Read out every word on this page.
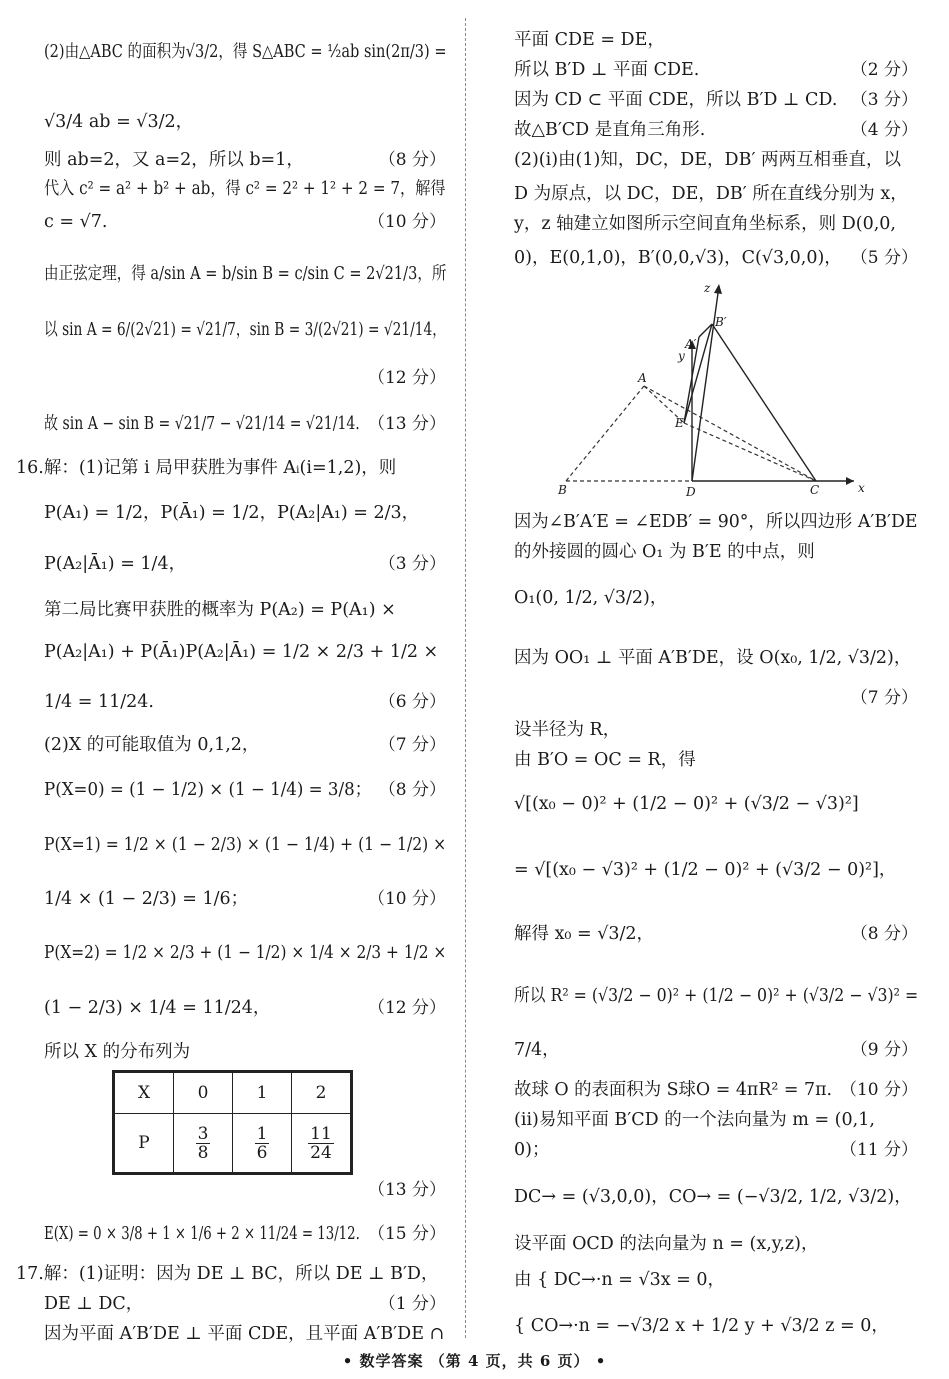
(2)由△ABC 的面积为√3/2，得 S△ABC = ½ab sin(2π/3) =
√3/4 ab = √3/2，
则 ab=2，又 a=2，所以 b=1，	（8 分）
代入 c² = a² + b² + ab，得 c² = 2² + 1² + 2 = 7，解得
c = √7.	（10 分）
由正弦定理，得 a/sin A = b/sin B = c/sin C = 2√21/3，所
以 sin A = 6/(2√21) = √21/7，sin B = 3/(2√21) = √21/14，
（12 分）
故 sin A − sin B = √21/7 − √21/14 = √21/14. （13 分）
16.解：(1)记第 i 局甲获胜为事件 Aᵢ(i=1,2)，则
P(A₁) = 1/2，P(Ā₁) = 1/2，P(A₂|A₁) = 2/3，
P(A₂|Ā₁) = 1/4，	（3 分）
第二局比赛甲获胜的概率为 P(A₂) = P(A₁) ×
P(A₂|A₁) + P(Ā₁)P(A₂|Ā₁) = 1/2 × 2/3 + 1/2 ×
1/4 = 11/24.	（6 分）
(2)X 的可能取值为 0,1,2，	（7 分）
P(X=0) = (1 − 1/2) × (1 − 1/4) = 3/8； （8 分）
P(X=1) = 1/2 × (1 − 2/3) × (1 − 1/4) + (1 − 1/2) ×
1/4 × (1 − 2/3) = 1/6；	（10 分）
P(X=2) = 1/2 × 2/3 + (1 − 1/2) × 1/4 × 2/3 + 1/2 ×
(1 − 2/3) × 1/4 = 11/24，	（12 分）
所以 X 的分布列为
（13 分）
E(X) = 0 × 3/8 + 1 × 1/6 + 2 × 11/24 = 13/12. （15 分）
17.解：(1)证明：因为 DE ⊥ BC，所以 DE ⊥ B′D，
DE ⊥ DC，	（1 分）
因为平面 A′B′DE ⊥ 平面 CDE，且平面 A′B′DE ∩
z
y
x
A
A′
B′
E
B	D	C
平面 CDE = DE，
所以 B′D ⊥ 平面 CDE.	（2 分）
因为 CD ⊂ 平面 CDE，所以 B′D ⊥ CD. （3 分）
故△B′CD 是直角三角形.	（4 分）
(2)(ⅰ)由(1)知，DC，DE，DB′ 两两互相垂直，以
D 为原点，以 DC，DE，DB′ 所在直线分别为 x，
y，z 轴建立如图所示空间直角坐标系，则 D(0,0,
0)，E(0,1,0)，B′(0,0,√3)，C(√3,0,0)， （5 分）
因为∠B′A′E = ∠EDB′ = 90°，所以四边形 A′B′DE
的外接圆的圆心 O₁ 为 B′E 的中点，则
O₁(0, 1/2, √3/2)，
因为 OO₁ ⊥ 平面 A′B′DE，设 O(x₀, 1/2, √3/2)，
（7 分）
设半径为 R，
由 B′O = OC = R，得
√[(x₀ − 0)² + (1/2 − 0)² + (√3/2 − √3)²]
= √[(x₀ − √3)² + (1/2 − 0)² + (√3/2 − 0)²]，
解得 x₀ = √3/2，	（8 分）
所以 R² = (√3/2 − 0)² + (1/2 − 0)² + (√3/2 − √3)² =
7/4，	（9 分）
故球 O 的表面积为 S球O = 4πR² = 7π. （10 分）
(ⅱ)易知平面 B′CD 的一个法向量为 m = (0,1,
0)；	（11 分）
DC→ = (√3,0,0)，CO→ = (−√3/2, 1/2, √3/2)，
设平面 OCD 的法向量为 n = (x,y,z)，
由 { DC→·n = √3x = 0，
{ CO→·n = −√3/2 x + 1/2 y + √3/2 z = 0，
X	0	1	2
P	$\frac{3}{8}$	$\frac{1}{6}$	$\frac{11}{24}$
• 数学答案 （第 4 页，共 6 页） •
